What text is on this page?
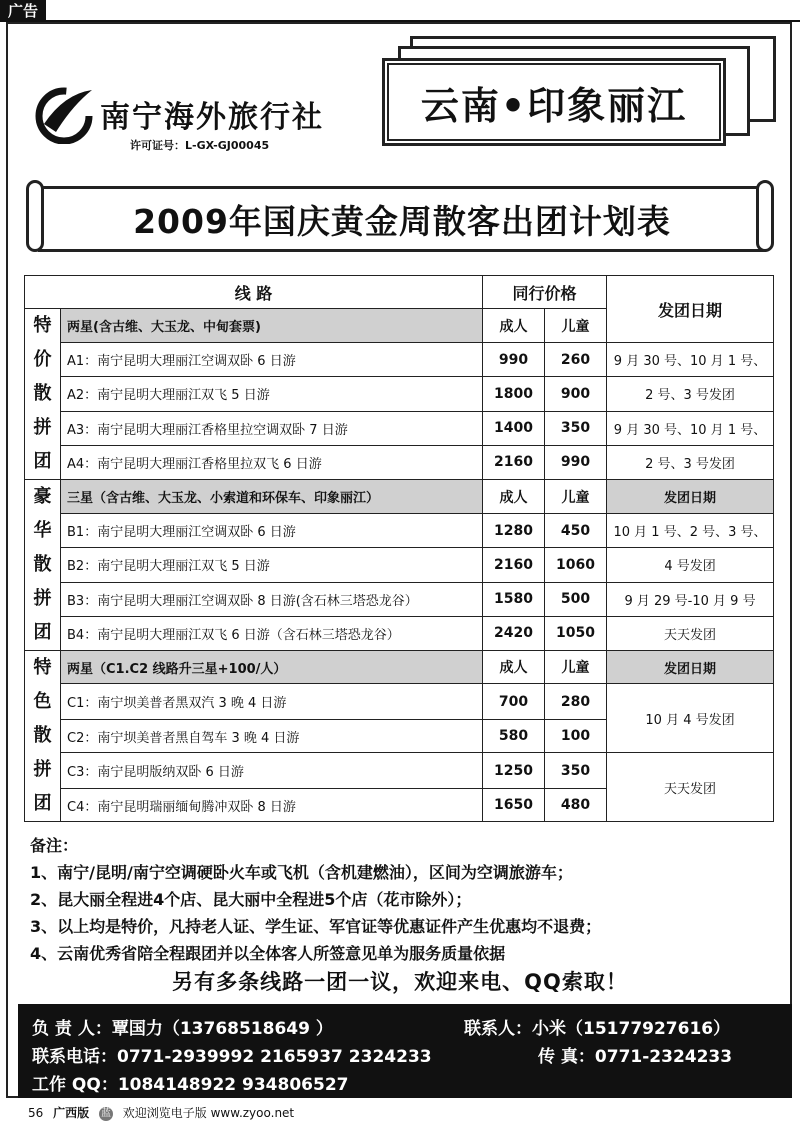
广告
南宁海外旅行社
许可证号：L-GX-GJ00045
云南•印象丽江
2009年国庆黄金周散客出团计划表
线 路		同行价格		发团日期
特
价
散
拼
团	两星(含古维、大玉龙、中甸套票)	成人	儿童	
	A1：南宁昆明大理丽江空调双卧 6 日游	990	260	9 月 30 号、10 月 1 号、
	A2：南宁昆明大理丽江双飞 5 日游	1800	900	2 号、3 号发团
	A3：南宁昆明大理丽江香格里拉空调双卧 7 日游	1400	350	9 月 30 号、10 月 1 号、
	A4：南宁昆明大理丽江香格里拉双飞 6 日游	2160	990	2 号、3 号发团
豪
华
散
拼
团	三星（含古维、大玉龙、小索道和环保车、印象丽江）	成人	儿童	发团日期
	B1：南宁昆明大理丽江空调双卧 6 日游	1280	450	10 月 1 号、2 号、3 号、
	B2：南宁昆明大理丽江双飞 5 日游	2160	1060	4 号发团
	B3：南宁昆明大理丽江空调双卧 8 日游(含石林三塔恐龙谷）	1580	500	9 月 29 号-10 月 9 号
	B4：南宁昆明大理丽江双飞 6 日游（含石林三塔恐龙谷）	2420	1050	天天发团
特
色
散
拼
团	两星（C1.C2 线路升三星+100/人）	成人	儿童	发团日期
	C1：南宁坝美普者黑双汽 3 晚 4 日游	700	280	10 月 4 号发团
	C2：南宁坝美普者黑自驾车 3 晚 4 日游	580	100	
	C3：南宁昆明版纳双卧 6 日游	1250	350	天天发团
	C4：南宁昆明瑞丽缅甸腾冲双卧 8 日游	1650	480	
备注：
1、南宁/昆明/南宁空调硬卧火车或飞机（含机建燃油），区间为空调旅游车；
2、昆大丽全程进4个店、昆大丽中全程进5个店（花市除外）；
3、以上均是特价，凡持老人证、学生证、军官证等优惠证件产生优惠均不退费；
4、云南优秀省陪全程跟团并以全体客人所签意见单为服务质量依据
另有多条线路一团一议，欢迎来电、QQ索取！
负 责 人：覃国力（13768518649 ）	联系人：小米（15177927616）
联系电话：0771-2939992 2165937 2324233	传 真：0771-2324233
工作 QQ：1084148922 934806527
56 广西版 蓝 欢迎浏览电子版 www.zyoo.net
